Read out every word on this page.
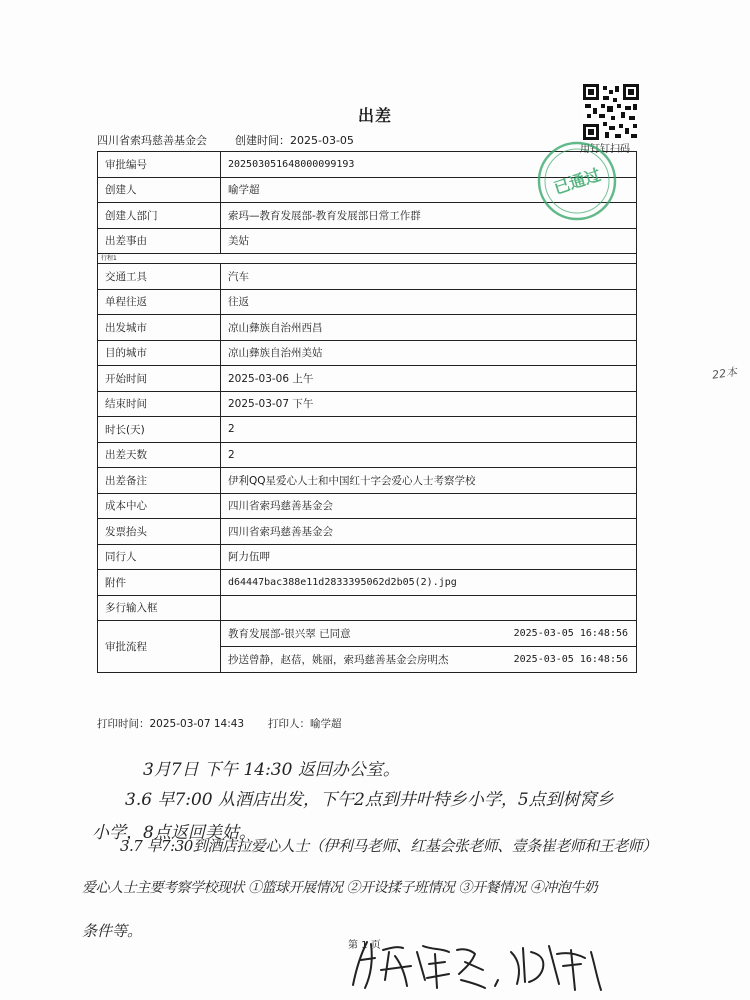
出差
四川省索玛慈善基金会	创建时间：2025-03-05
用钉钉扫码
审批编号	202503051648000099193
创建人	喻学超
创建人部门	索玛—教育发展部-教育发展部日常工作群
出差事由	美姑
行程1	
交通工具	汽车
单程往返	往返
出发城市	凉山彝族自治州西昌
目的城市	凉山彝族自治州美姑
开始时间	2025-03-06 上午
结束时间	2025-03-07 下午
时长(天)	2
出差天数	2
出差备注	伊利QQ星爱心人士和中国红十字会爱心人士考察学校
成本中心	四川省索玛慈善基金会
发票抬头	四川省索玛慈善基金会
同行人	阿力伍呷
附件	d64447bac388e11d2833395062d2b05(2).jpg
多行输入框	
审批流程	教育发展部-银兴翠 已同意 2025-03-05 16:48:56
抄送曾静，赵蓓，姚丽，索玛慈善基金会房明杰 2025-03-05 16:48:56
已通过
打印时间：2025-03-07 14:43 打印人：喻学超
22本
3月7日 下午 14:30 返回办公室。
3.6 早7:00 从酒店出发，下午2点到井叶特乡小学，5点到树窝乡
小学，8点返回美姑。
3.7 早7:30到酒店拉爱心人士（伊利马老师、红基会张老师、壹条崔老师和王老师）
爱心人士主要考察学校现状 ①篮球开展情况 ②开设揉子班情况 ③开餐情况 ④冲泡牛奶
条件等。
第 1 页
